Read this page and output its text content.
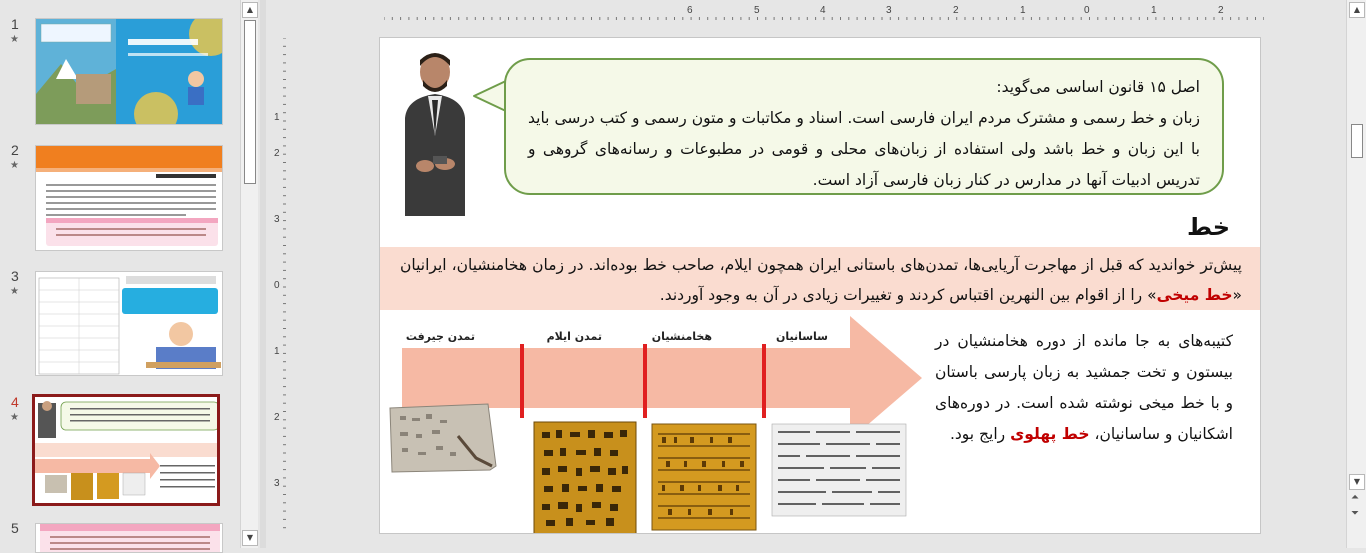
1
★
2
★
3
★
4
★
5
▲
▼
6	5	4	3	2	1	0	1	2
1
2
3
0
1
2
3
اصل ۱۵ قانون اساسی می‌گوید:
زبان و خط رسمی و مشترک مردم ایران فارسی است. اسناد و مکاتبات و متون رسمی و کتب درسی باید با این زبان و خط باشد ولی استفاده از زبان‌های محلی و قومی در مطبوعات و رسانه‌های گروهی و تدریس ادبیات آنها در مدارس در کنار زبان فارسی آزاد است.
خط
پیش‌تر خواندید که قبل از مهاجرت آریایی‌ها، تمدن‌های باستانی ایران همچون ایلام، صاحب خط بوده‌اند. در زمان هخامنشیان، ایرانیان «خط میخی» را از اقوام بین النهرین اقتباس کردند و تغییرات زیادی در آن به وجود آوردند.
تمدن جیرفت	تمدن ایلام	هخامنشیان	ساسانیان	کتیبه‌های به جا مانده از دوره هخامنشیان در بیستون و تخت جمشید به زبان پارسی باستان و با خط میخی نوشته شده است. در دوره‌های اشکانیان و ساسانیان، خط پهلوی رایج بود.
▲
▼
⏶
⏷
